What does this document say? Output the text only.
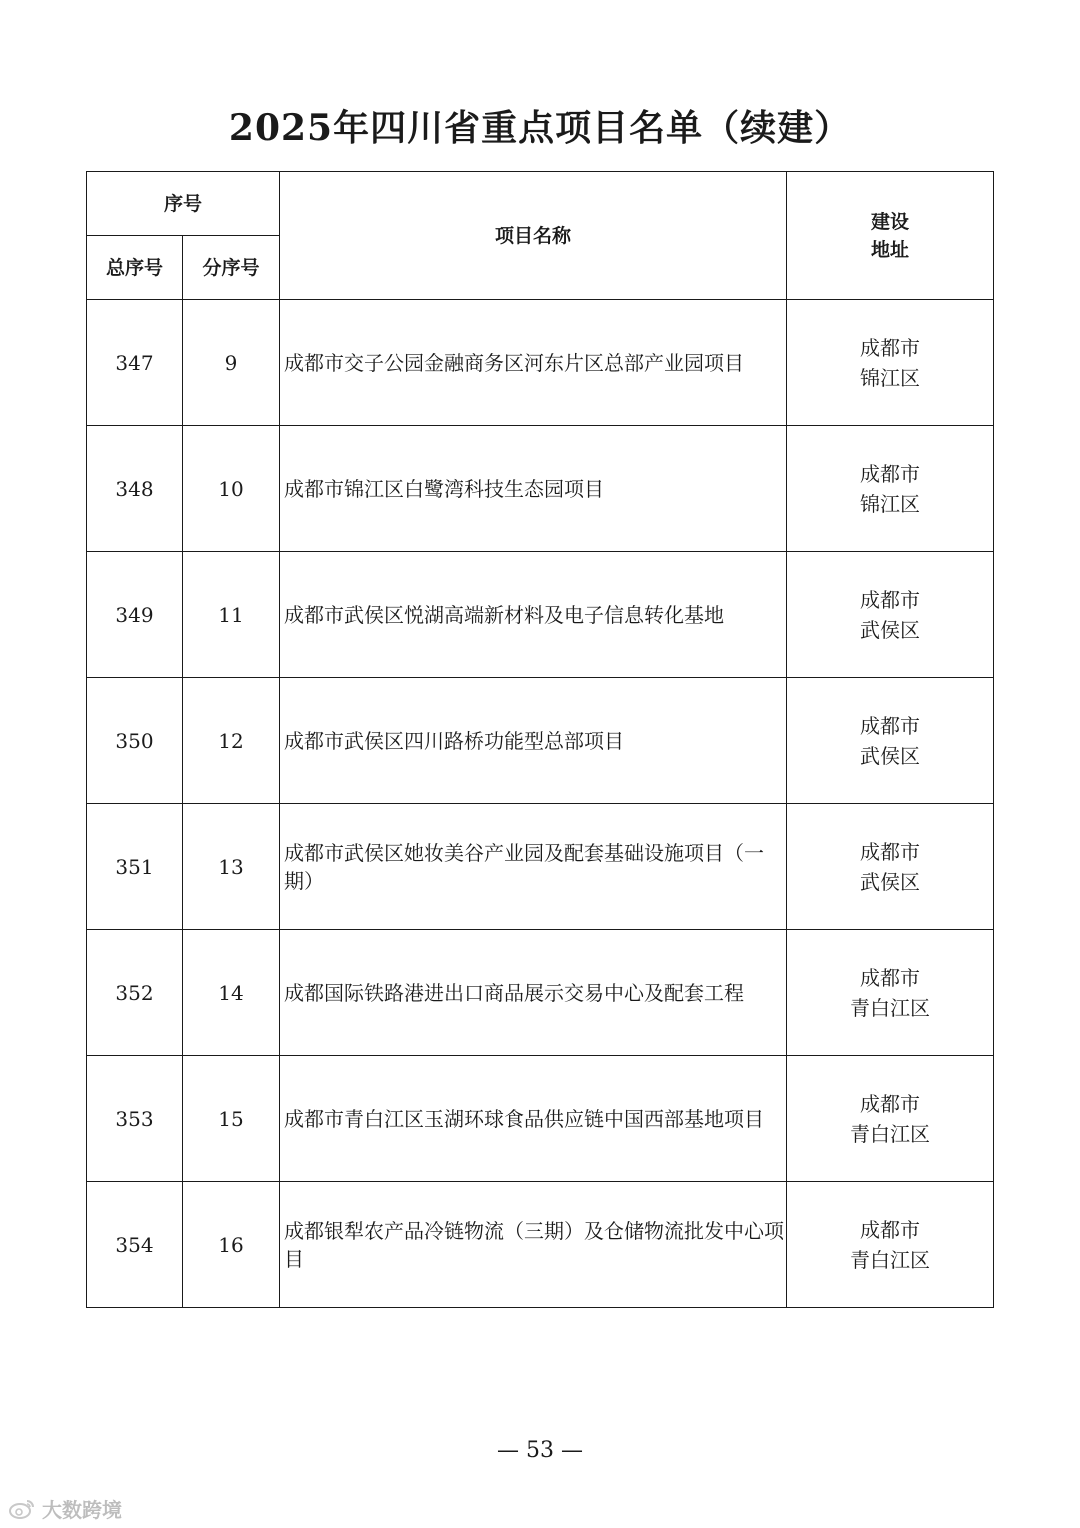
2025年四川省重点项目名单（续建）
序号		项目名称	建设
地址

总序号	分序号		
347	9	成都市交子公园金融商务区河东片区总部产业园项目	成都市
锦江区

348	10	成都市锦江区白鹭湾科技生态园项目	成都市
锦江区

349	11	成都市武侯区悦湖高端新材料及电子信息转化基地	成都市
武侯区

350	12	成都市武侯区四川路桥功能型总部项目	成都市
武侯区

351	13	成都市武侯区她妆美谷产业园及配套基础设施项目（一期）	成都市
武侯区

352	14	成都国际铁路港进出口商品展示交易中心及配套工程	成都市
青白江区

353	15	成都市青白江区玉湖环球食品供应链中国西部基地项目	成都市
青白江区

354	16	成都银犁农产品冷链物流（三期）及仓储物流批发中心项目	成都市
青白江区
— 53 —
大数跨境
